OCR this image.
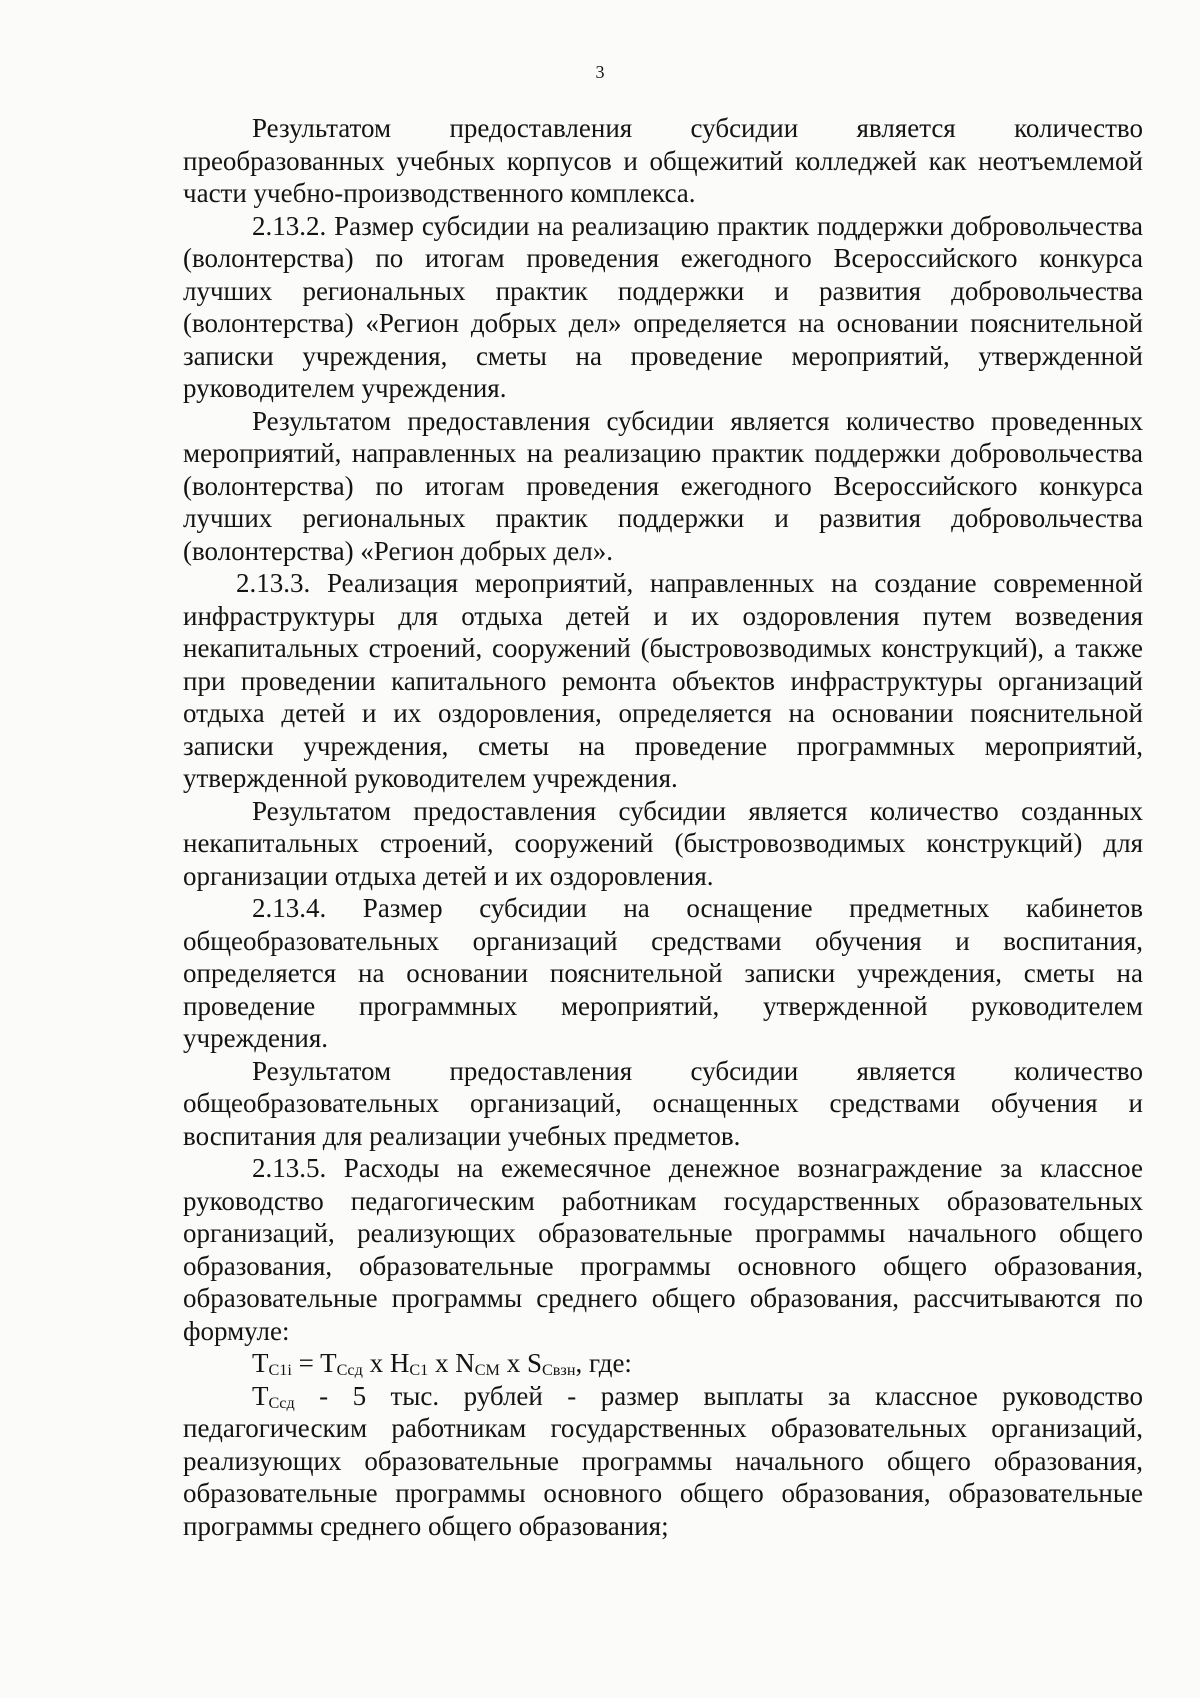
3

Результатом предоставления субсидии является количество преобразованных учебных корпусов и общежитий колледжей как неотъемлемой части учебно-производственного комплекса.

2.13.2. Размер субсидии на реализацию практик поддержки добровольчества (волонтерства) по итогам проведения ежегодного Всероссийского конкурса лучших региональных практик поддержки и развития добровольчества (волонтерства) «Регион добрых дел» определяется на основании пояснительной записки учреждения, сметы на проведение мероприятий, утвержденной руководителем учреждения.

Результатом предоставления субсидии является количество проведенных мероприятий, направленных на реализацию практик поддержки добровольчества (волонтерства) по итогам проведения ежегодного Всероссийского конкурса лучших региональных практик поддержки и развития добровольчества (волонтерства) «Регион добрых дел».

2.13.3. Реализация мероприятий, направленных на создание современной инфраструктуры для отдыха детей и их оздоровления путем возведения некапитальных строений, сооружений (быстровозводимых конструкций), а также при проведении капитального ремонта объектов инфраструктуры организаций отдыха детей и их оздоровления, определяется на основании пояснительной записки учреждения, сметы на проведение программных мероприятий, утвержденной руководителем учреждения.

Результатом предоставления субсидии является количество созданных некапитальных строений, сооружений (быстровозводимых конструкций) для организации отдыха детей и их оздоровления.

2.13.4. Размер субсидии на оснащение предметных кабинетов общеобразовательных организаций средствами обучения и воспитания, определяется на основании пояснительной записки учреждения, сметы на проведение программных мероприятий, утвержденной руководителем учреждения.

Результатом предоставления субсидии является количество общеобразовательных организаций, оснащенных средствами обучения и воспитания для реализации учебных предметов.

2.13.5. Расходы на ежемесячное денежное вознаграждение за классное руководство педагогическим работникам государственных образовательных организаций, реализующих образовательные программы начального общего образования, образовательные программы основного общего образования, образовательные программы среднего общего образования, рассчитываются по формуле:

$T_{C1i} = T_{Cсд}$ x $H_{C1}$ x $N_{CM}$ x $S_{Cвзн}$, где:

$T_{Cсд} - 5$ тыс. рублей - размер выплаты за классное руководство педагогическим работникам государственных образовательных организаций, реализующих образовательные программы начального общего образования, образовательные программы основного общего образования, образовательные программы среднего общего образования;
